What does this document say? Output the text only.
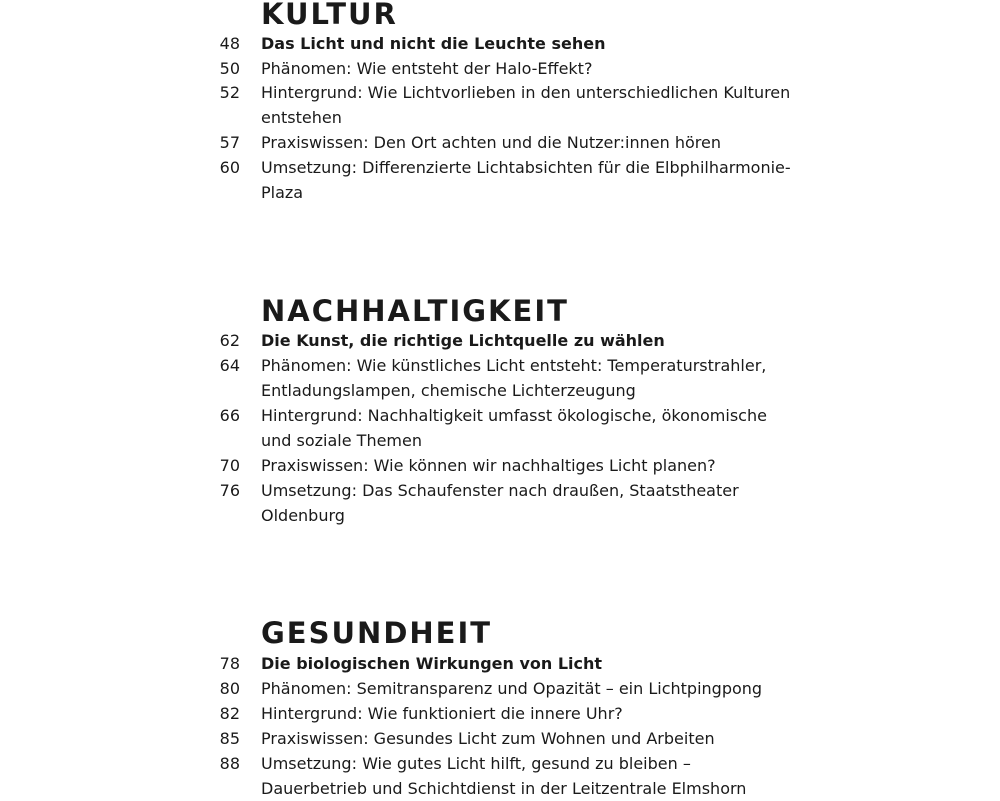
KULTUR
48 Das Licht und nicht die Leuchte sehen
50 Phänomen: Wie entsteht der Halo-Effekt?
52 Hintergrund: Wie Lichtvorlieben in den unterschiedlichen Kulturen entstehen
57 Praxiswissen: Den Ort achten und die Nutzer:innen hören
60 Umsetzung: Differenzierte Lichtabsichten für die Elbphilharmonie-Plaza
NACHHALTIGKEIT
62 Die Kunst, die richtige Lichtquelle zu wählen
64 Phänomen: Wie künstliches Licht entsteht: Temperaturstrahler, Entladungslampen, chemische Lichterzeugung
66 Hintergrund: Nachhaltigkeit umfasst ökologische, ökonomische und soziale Themen
70 Praxiswissen: Wie können wir nachhaltiges Licht planen?
76 Umsetzung: Das Schaufenster nach draußen, Staatstheater Oldenburg
GESUNDHEIT
78 Die biologischen Wirkungen von Licht
80 Phänomen: Semitransparenz und Opazität – ein Lichtpingpong
82 Hintergrund: Wie funktioniert die innere Uhr?
85 Praxiswissen: Gesundes Licht zum Wohnen und Arbeiten
88 Umsetzung: Wie gutes Licht hilft, gesund zu bleiben – Dauerbetrieb und Schichtdienst in der Leitzentrale Elmshorn
